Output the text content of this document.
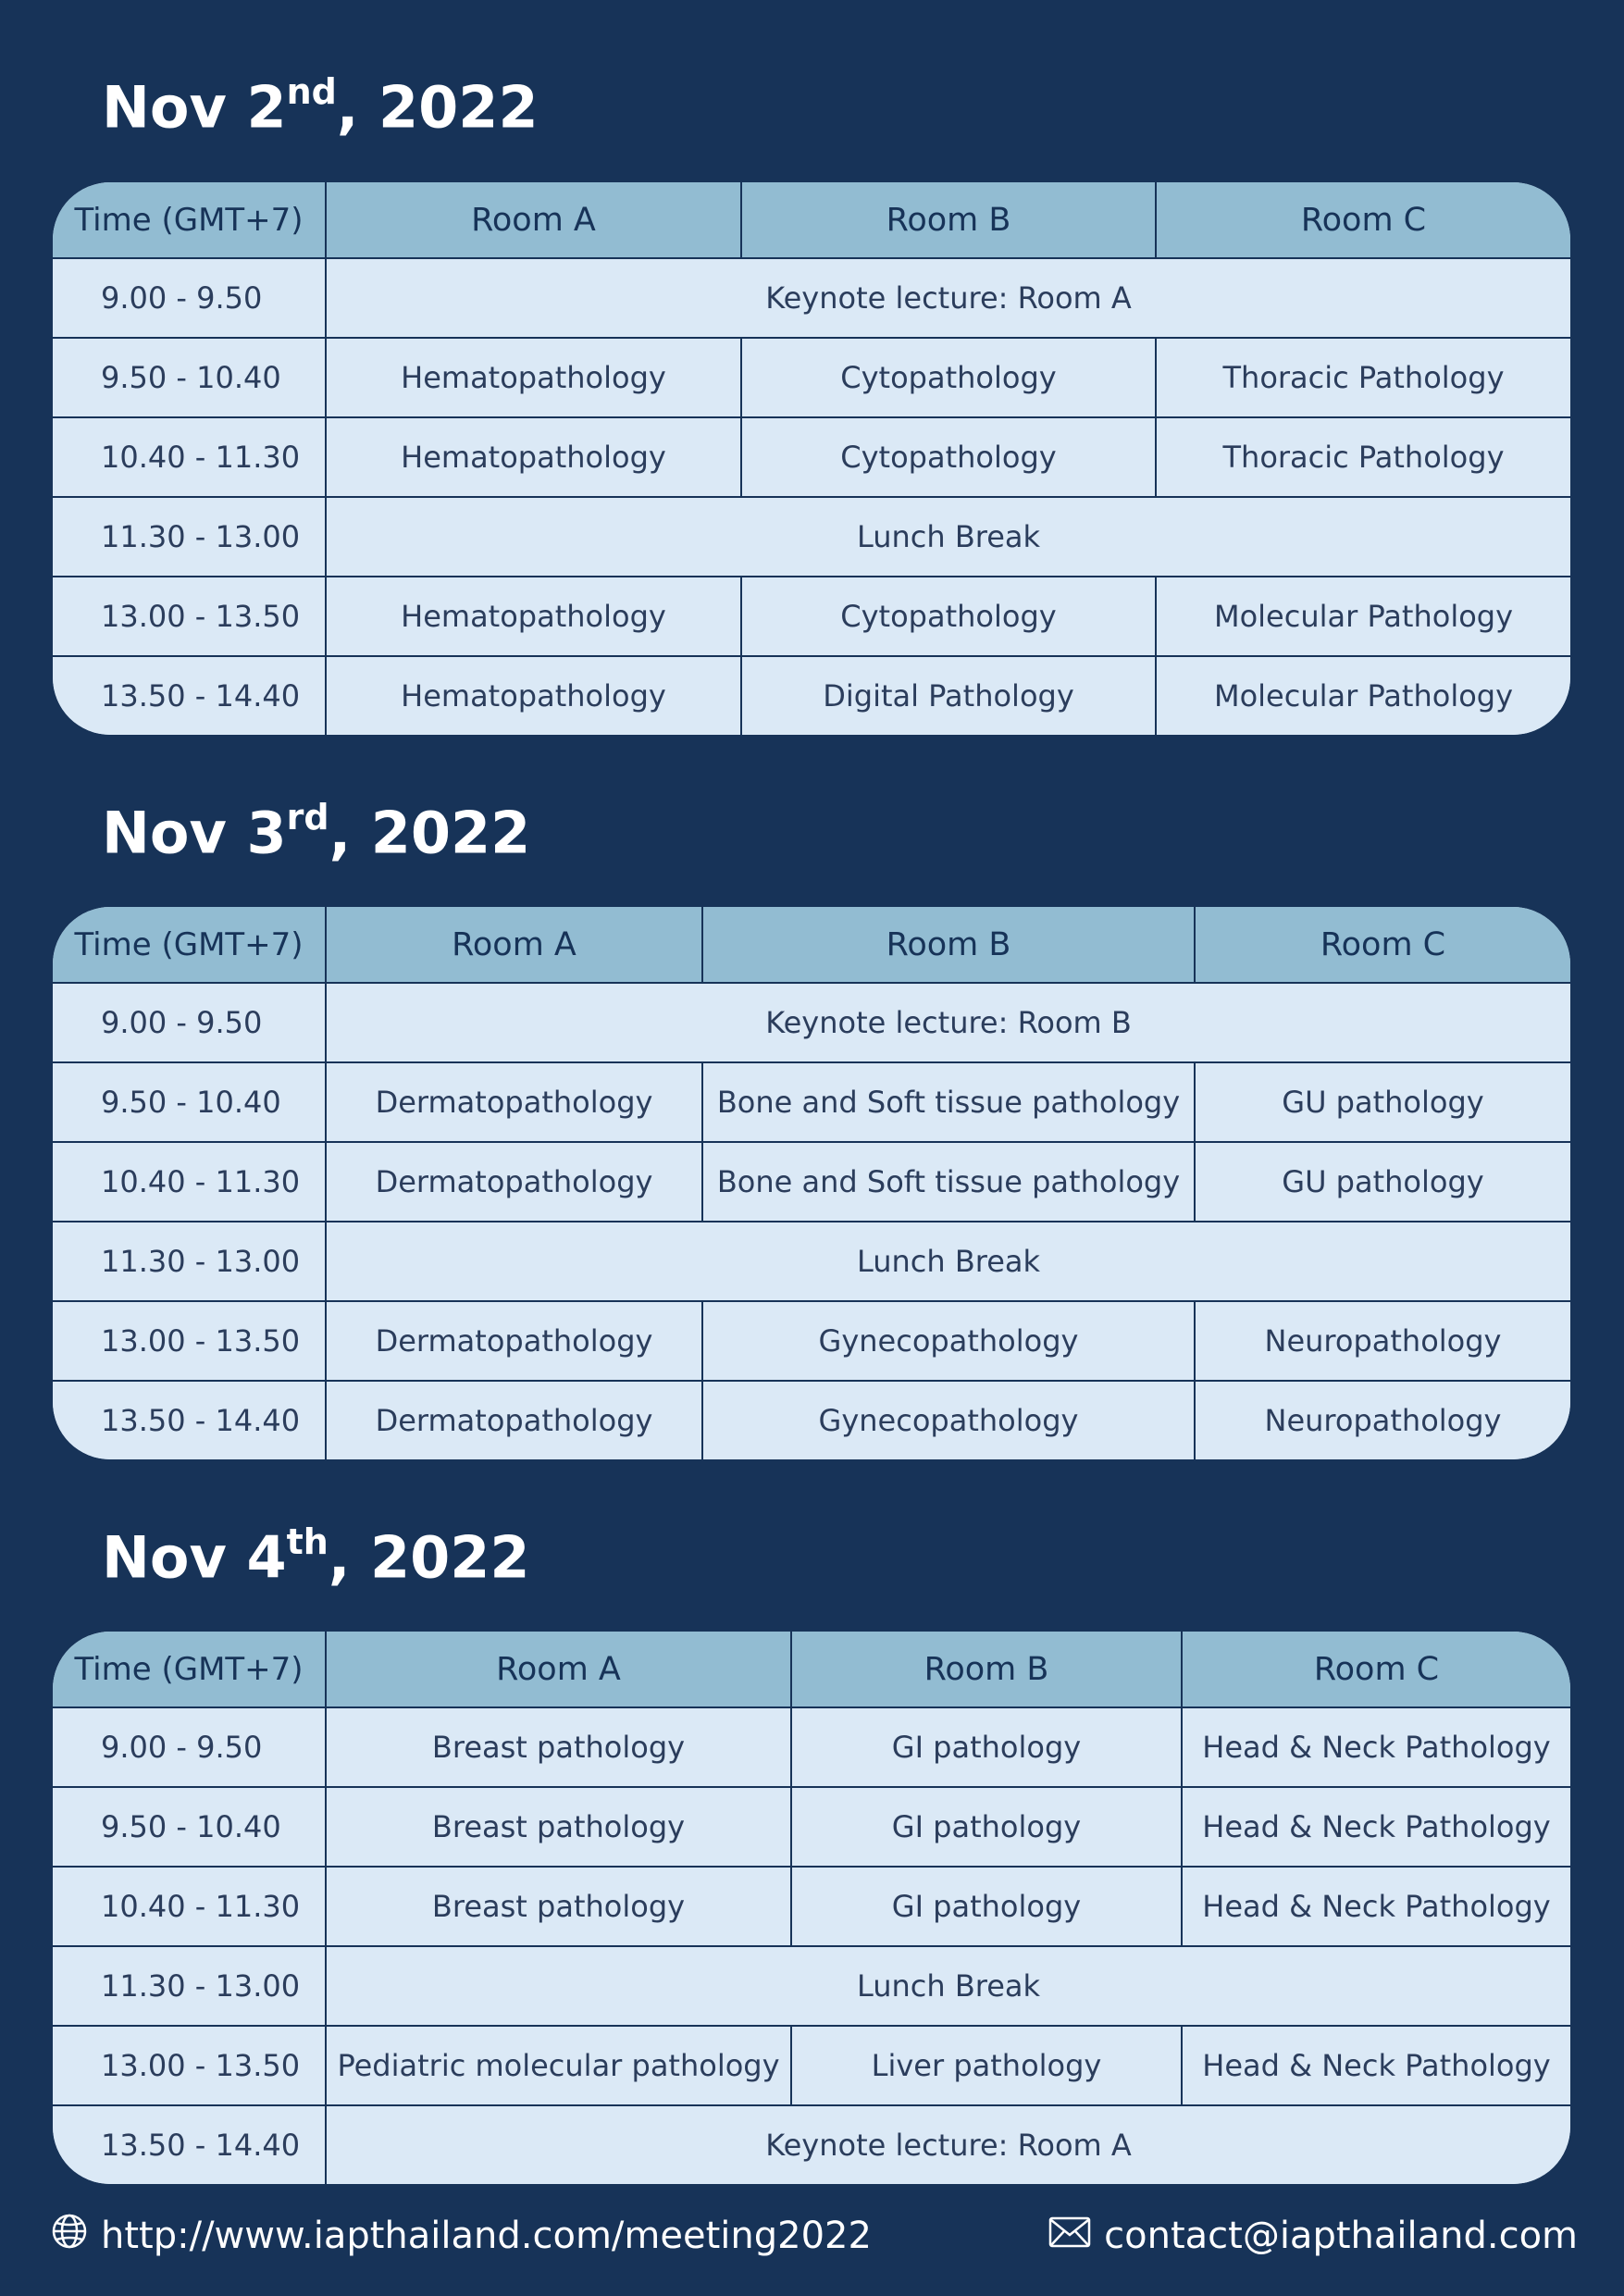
Nov 2nd, 2022
Time (GMT+7)	Room A	Room B	Room C
9.00 - 9.50	Keynote lecture: Room A		
9.50 - 10.40	Hematopathology	Cytopathology	Thoracic Pathology
10.40 - 11.30	Hematopathology	Cytopathology	Thoracic Pathology
11.30 - 13.00	Lunch Break		
13.00 - 13.50	Hematopathology	Cytopathology	Molecular Pathology
13.50 - 14.40	Hematopathology	Digital Pathology	Molecular Pathology
Nov 3rd, 2022
Time (GMT+7)	Room A	Room B	Room C
9.00 - 9.50	Keynote lecture: Room B		
9.50 - 10.40	Dermatopathology	Bone and Soft tissue pathology	GU pathology
10.40 - 11.30	Dermatopathology	Bone and Soft tissue pathology	GU pathology
11.30 - 13.00	Lunch Break		
13.00 - 13.50	Dermatopathology	Gynecopathology	Neuropathology
13.50 - 14.40	Dermatopathology	Gynecopathology	Neuropathology
Nov 4th, 2022
Time (GMT+7)	Room A	Room B	Room C
9.00 - 9.50	Breast pathology	GI pathology	Head & Neck Pathology
9.50 - 10.40	Breast pathology	GI pathology	Head & Neck Pathology
10.40 - 11.30	Breast pathology	GI pathology	Head & Neck Pathology
11.30 - 13.00	Lunch Break		
13.00 - 13.50	Pediatric molecular pathology	Liver pathology	Head & Neck Pathology
13.50 - 14.40	Keynote lecture: Room A		
http://www.iapthailand.com/meeting2022	contact@iapthailand.com
